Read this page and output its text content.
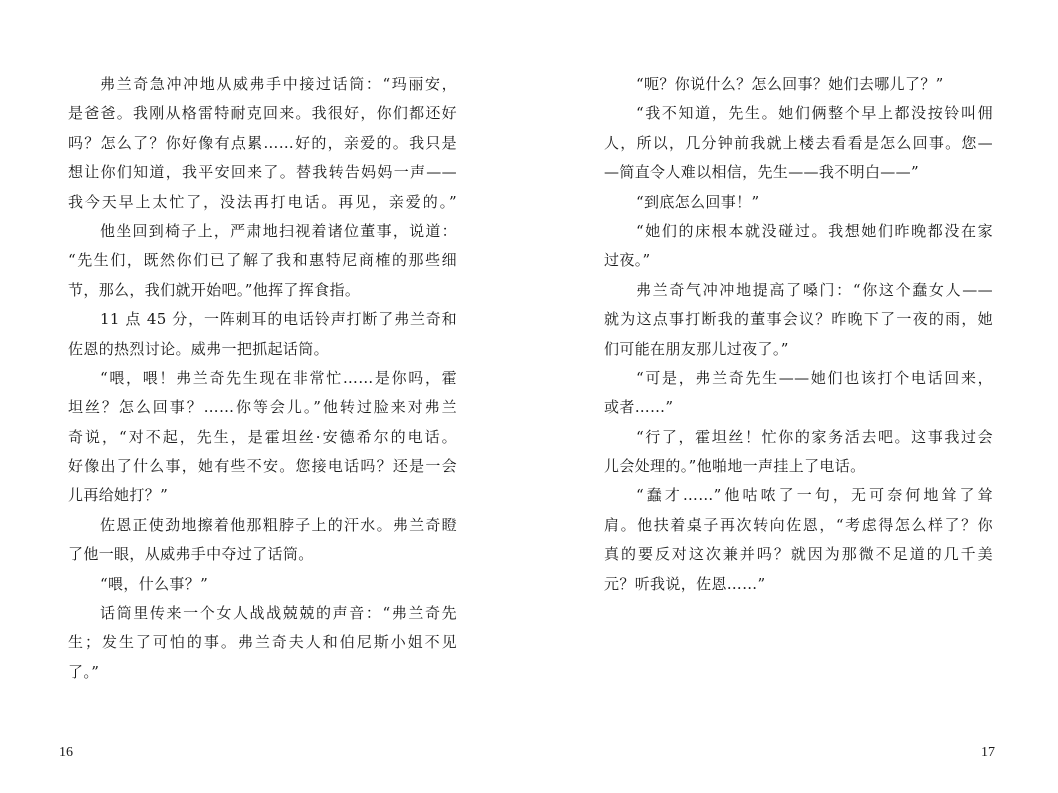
弗兰奇急冲冲地从威弗手中接过话筒：“玛丽安，
是爸爸。我刚从格雷特耐克回来。我很好，你们都还好
吗？怎么了？你好像有点累……好的，亲爱的。我只是
想让你们知道，我平安回来了。替我转告妈妈一声——
我今天早上太忙了，没法再打电话。再见，亲爱的。”
他坐回到椅子上，严肃地扫视着诸位董事，说道：
“先生们，既然你们已了解了我和惠特尼商榷的那些细
节，那么，我们就开始吧。”他挥了挥食指。
11 点 45 分，一阵刺耳的电话铃声打断了弗兰奇和
佐恩的热烈讨论。威弗一把抓起话筒。
“喂，喂！弗兰奇先生现在非常忙……是你吗，霍
坦丝？怎么回事？……你等会儿。”他转过脸来对弗兰
奇说，“对不起，先生，是霍坦丝·安德希尔的电话。
好像出了什么事，她有些不安。您接电话吗？还是一会
儿再给她打？”
佐恩正使劲地擦着他那粗脖子上的汗水。弗兰奇瞪
了他一眼，从威弗手中夺过了话筒。
“喂，什么事？”
话筒里传来一个女人战战兢兢的声音：“弗兰奇先
生；发生了可怕的事。弗兰奇夫人和伯尼斯小姐不见
了。”
16
“呃？你说什么？怎么回事？她们去哪儿了？”
“我不知道，先生。她们俩整个早上都没按铃叫佣
人，所以，几分钟前我就上楼去看看是怎么回事。您—
—简直令人难以相信，先生——我不明白——”
“到底怎么回事！”
“她们的床根本就没碰过。我想她们昨晚都没在家
过夜。”
弗兰奇气冲冲地提高了嗓门：“你这个蠢女人——
就为这点事打断我的董事会议？昨晚下了一夜的雨，她
们可能在朋友那儿过夜了。”
“可是，弗兰奇先生——她们也该打个电话回来，
或者……”
“行了，霍坦丝！忙你的家务活去吧。这事我过会
儿会处理的。”他啪地一声挂上了电话。
“蠢才……”他咕哝了一句，无可奈何地耸了耸
肩。他扶着桌子再次转向佐恩，“考虑得怎么样了？你
真的要反对这次兼并吗？就因为那微不足道的几千美
元？听我说，佐恩……”
17
